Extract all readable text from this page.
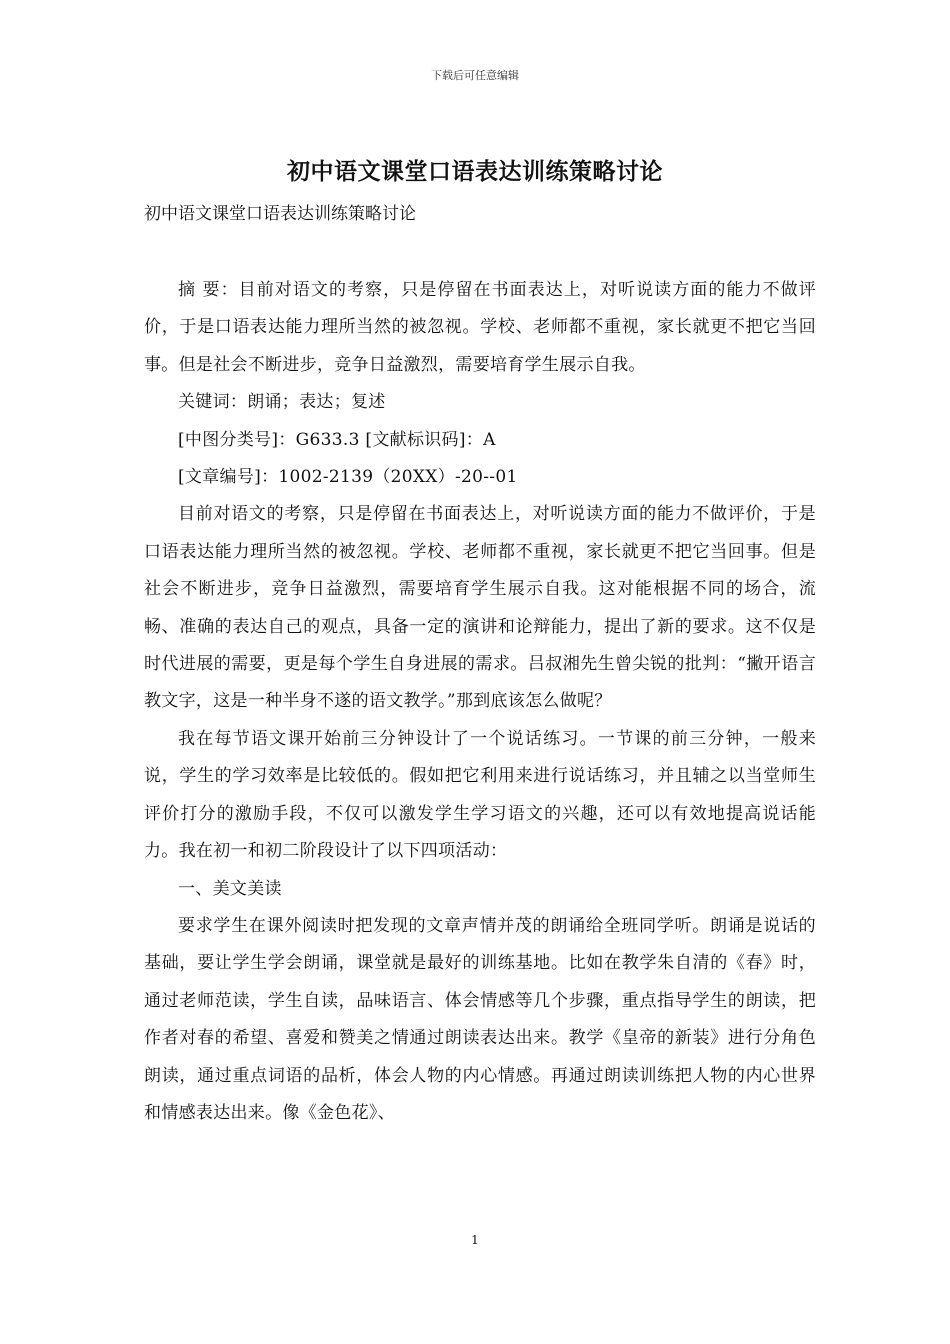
下载后可任意编辑
初中语文课堂口语表达训练策略讨论
初中语文课堂口语表达训练策略讨论

摘 要：目前对语文的考察，只是停留在书面表达上，对听说读方面的能力不做评价，于是口语表达能力理所当然的被忽视。学校、老师都不重视，家长就更不把它当回事。但是社会不断进步，竞争日益激烈，需要培育学生展示自我。

关键词：朗诵；表达；复述

[中图分类号]：G633.3 [文献标识码]：A

[文章编号]：1002-2139（20XX）-20--01

目前对语文的考察，只是停留在书面表达上，对听说读方面的能力不做评价，于是口语表达能力理所当然的被忽视。学校、老师都不重视，家长就更不把它当回事。但是社会不断进步，竞争日益激烈，需要培育学生展示自我。这对能根据不同的场合，流畅、准确的表达自己的观点，具备一定的演讲和论辩能力，提出了新的要求。这不仅是时代进展的需要，更是每个学生自身进展的需求。吕叔湘先生曾尖锐的批判：“撇开语言教文字，这是一种半身不遂的语文教学。”那到底该怎么做呢？

我在每节语文课开始前三分钟设计了一个说话练习。一节课的前三分钟，一般来说，学生的学习效率是比较低的。假如把它利用来进行说话练习，并且辅之以当堂师生评价打分的激励手段，不仅可以激发学生学习语文的兴趣，还可以有效地提高说话能力。我在初一和初二阶段设计了以下四项活动：

一、美文美读

要求学生在课外阅读时把发现的文章声情并茂的朗诵给全班同学听。朗诵是说话的基础，要让学生学会朗诵，课堂就是最好的训练基地。比如在教学朱自清的《春》时，通过老师范读，学生自读，品味语言、体会情感等几个步骤，重点指导学生的朗读，把作者对春的希望、喜爱和赞美之情通过朗读表达出来。教学《皇帝的新装》进行分角色朗读，通过重点词语的品析，体会人物的内心情感。再通过朗读训练把人物的内心世界和情感表达出来。像《金色花》、

1
